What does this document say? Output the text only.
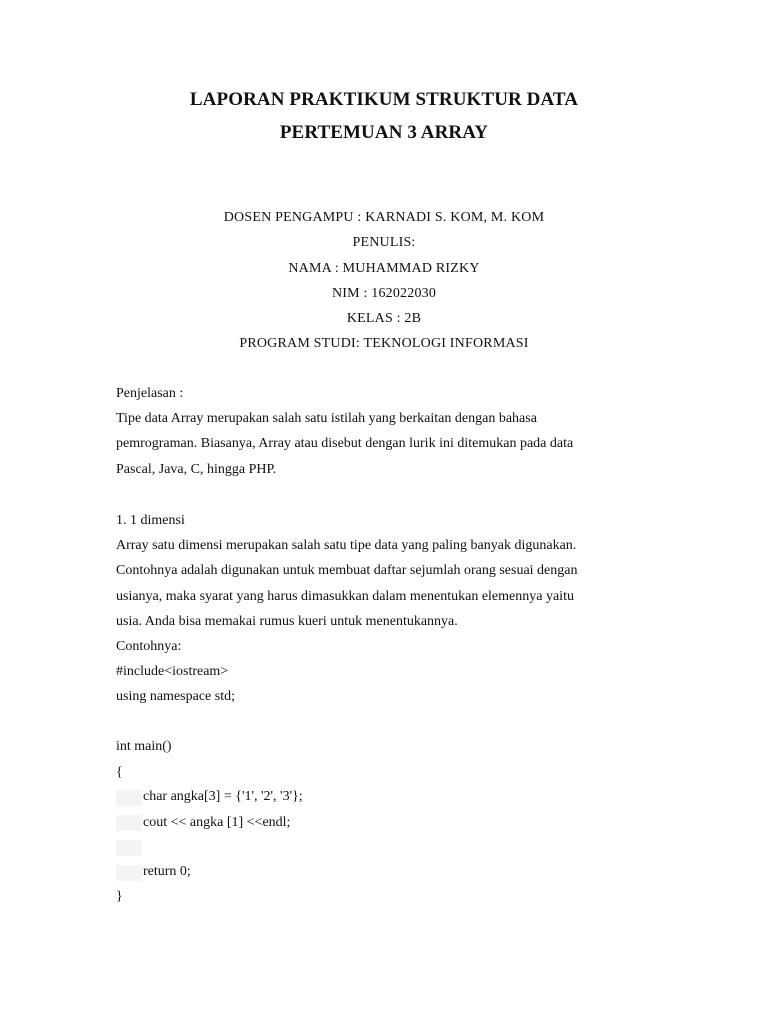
LAPORAN PRAKTIKUM STRUKTUR DATA
PERTEMUAN 3 ARRAY
DOSEN PENGAMPU : KARNADI S. KOM, M. KOM
PENULIS:
NAMA : MUHAMMAD RIZKY
NIM : 162022030
KELAS : 2B
PROGRAM STUDI: TEKNOLOGI INFORMASI
Penjelasan :
Tipe data Array merupakan salah satu istilah yang berkaitan dengan bahasa
pemrograman. Biasanya, Array atau disebut dengan lurik ini ditemukan pada data
Pascal, Java, C, hingga PHP.
1. 1 dimensi
Array satu dimensi merupakan salah satu tipe data yang paling banyak digunakan.
Contohnya adalah digunakan untuk membuat daftar sejumlah orang sesuai dengan
usianya, maka syarat yang harus dimasukkan dalam menentukan elemennya yaitu
usia. Anda bisa memakai rumus kueri untuk menentukannya.
Contohnya:
#include<iostream>
using namespace std;
int main()
{
char angka[3] = {'1', '2', '3'};
cout << angka [1] <<endl;
return 0;
}
